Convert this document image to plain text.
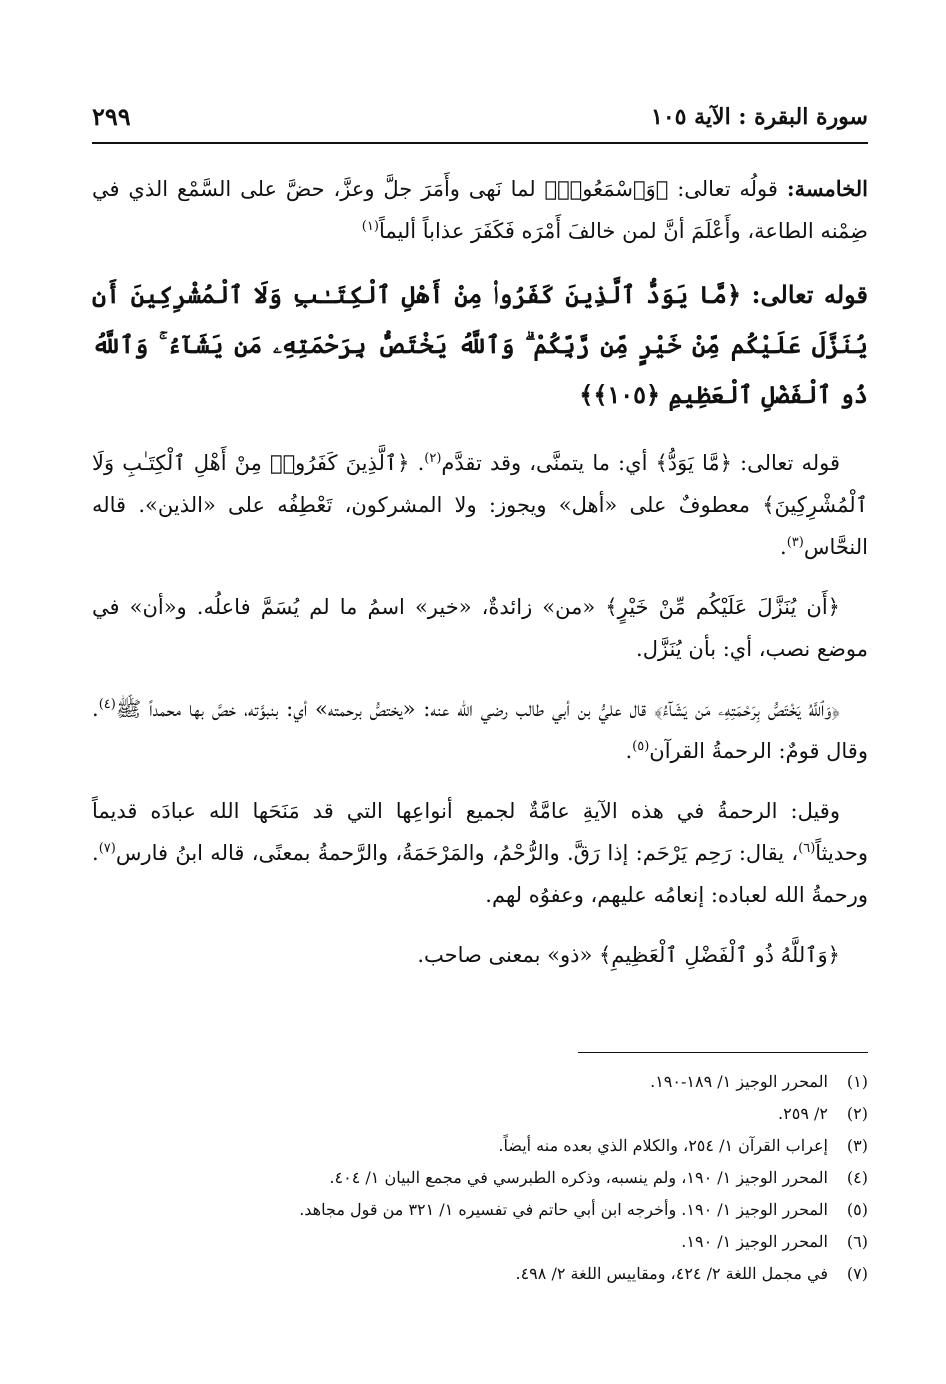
سورة البقرة : الآية ١٠٥
٢٩٩

الخامسة: قولُه تعالى: ﴿وَٱسْمَعُوا۟﴾ لما نَهى وأَمَرَ جلَّ وعزَّ، حضَّ على السَّمْع الذي في ضِمْنه الطاعة، وأَعْلَمَ أنَّ لمن خالفَ أَمْرَه فَكَفَرَ عذاباً أليماً$^{(١)}$

قوله تعالى: ﴿مَّا يَوَدُّ ٱلَّذِينَ كَفَرُوا۟ مِنْ أَهْلِ ٱلْكِتَـٰبِ وَلَا ٱلْمُشْرِكِينَ أَن يُنَزَّلَ عَلَيْكُم مِّنْ خَيْرٍ مِّن رَّبِّكُمْ ۗ وَٱللَّهُ يَخْتَصُّ بِرَحْمَتِهِۦ مَن يَشَآءُ ۚ وَٱللَّهُ ذُو ٱلْفَضْلِ ٱلْعَظِيمِ ﴿١٠٥﴾﴾

قوله تعالى: ﴿مَّا يَوَدُّ﴾ أي: ما يتمنَّى، وقد تقدَّم$^{(٢)}$. ﴿ٱلَّذِينَ كَفَرُوا۟ مِنْ أَهْلِ ٱلْكِتَـٰبِ وَلَا ٱلْمُشْرِكِينَ﴾ معطوفٌ على «أهل» ويجوز: ولا المشركون، تَعْطِفُه على «الذين». قاله النحَّاس$^{(٣)}$.

﴿أَن يُنَزَّلَ عَلَيْكُم مِّنْ خَيْرٍ﴾ «من» زائدةٌ، «خير» اسمُ ما لم يُسَمَّ فاعلُه. و«أن» في موضع نصب، أي: بأن يُنَزَّل.

﴿وَٱللَّهُ يَخْتَصُّ بِرَحْمَتِهِۦ مَن يَشَآءُ﴾ قال عليُّ بن أبي طالب رضي الله عنه: «يختصُّ برحمته» أي: بنبوَّته، خصَّ بها محمداً ﷺ$^{(٤)}$. وقال قومٌ: الرحمةُ القرآن$^{(٥)}$.

وقيل: الرحمةُ في هذه الآيةِ عامَّةٌ لجميع أنواعِها التي قد مَنَحَها الله عبادَه قديماً وحديثاً$^{(٦)}$، يقال: رَحِم يَرْحَم: إذا رَقَّ. والرُّحْمُ، والمَرْحَمَةُ، والرَّحمةُ بمعنًى، قاله ابنُ فارس$^{(٧)}$. ورحمةُ الله لعباده: إنعامُه عليهم، وعفوُه لهم.

﴿وَٱللَّهُ ذُو ٱلْفَضْلِ ٱلْعَظِيمِ﴾ «ذو» بمعنى صاحب.

(١)المحرر الوجيز ١/ ١٨٩-١٩٠.
(٢)٢/ ٢٥٩.
(٣)إعراب القرآن ١/ ٢٥٤، والكلام الذي بعده منه أيضاً.
(٤)المحرر الوجيز ١/ ١٩٠، ولم ينسبه، وذكره الطبرسي في مجمع البيان ١/ ٤٠٤.
(٥)المحرر الوجيز ١/ ١٩٠. وأخرجه ابن أبي حاتم في تفسيره ١/ ٣٢١ من قول مجاهد.
(٦)المحرر الوجيز ١/ ١٩٠.
(٧)في مجمل اللغة ٢/ ٤٢٤، ومقاييس اللغة ٢/ ٤٩٨.
